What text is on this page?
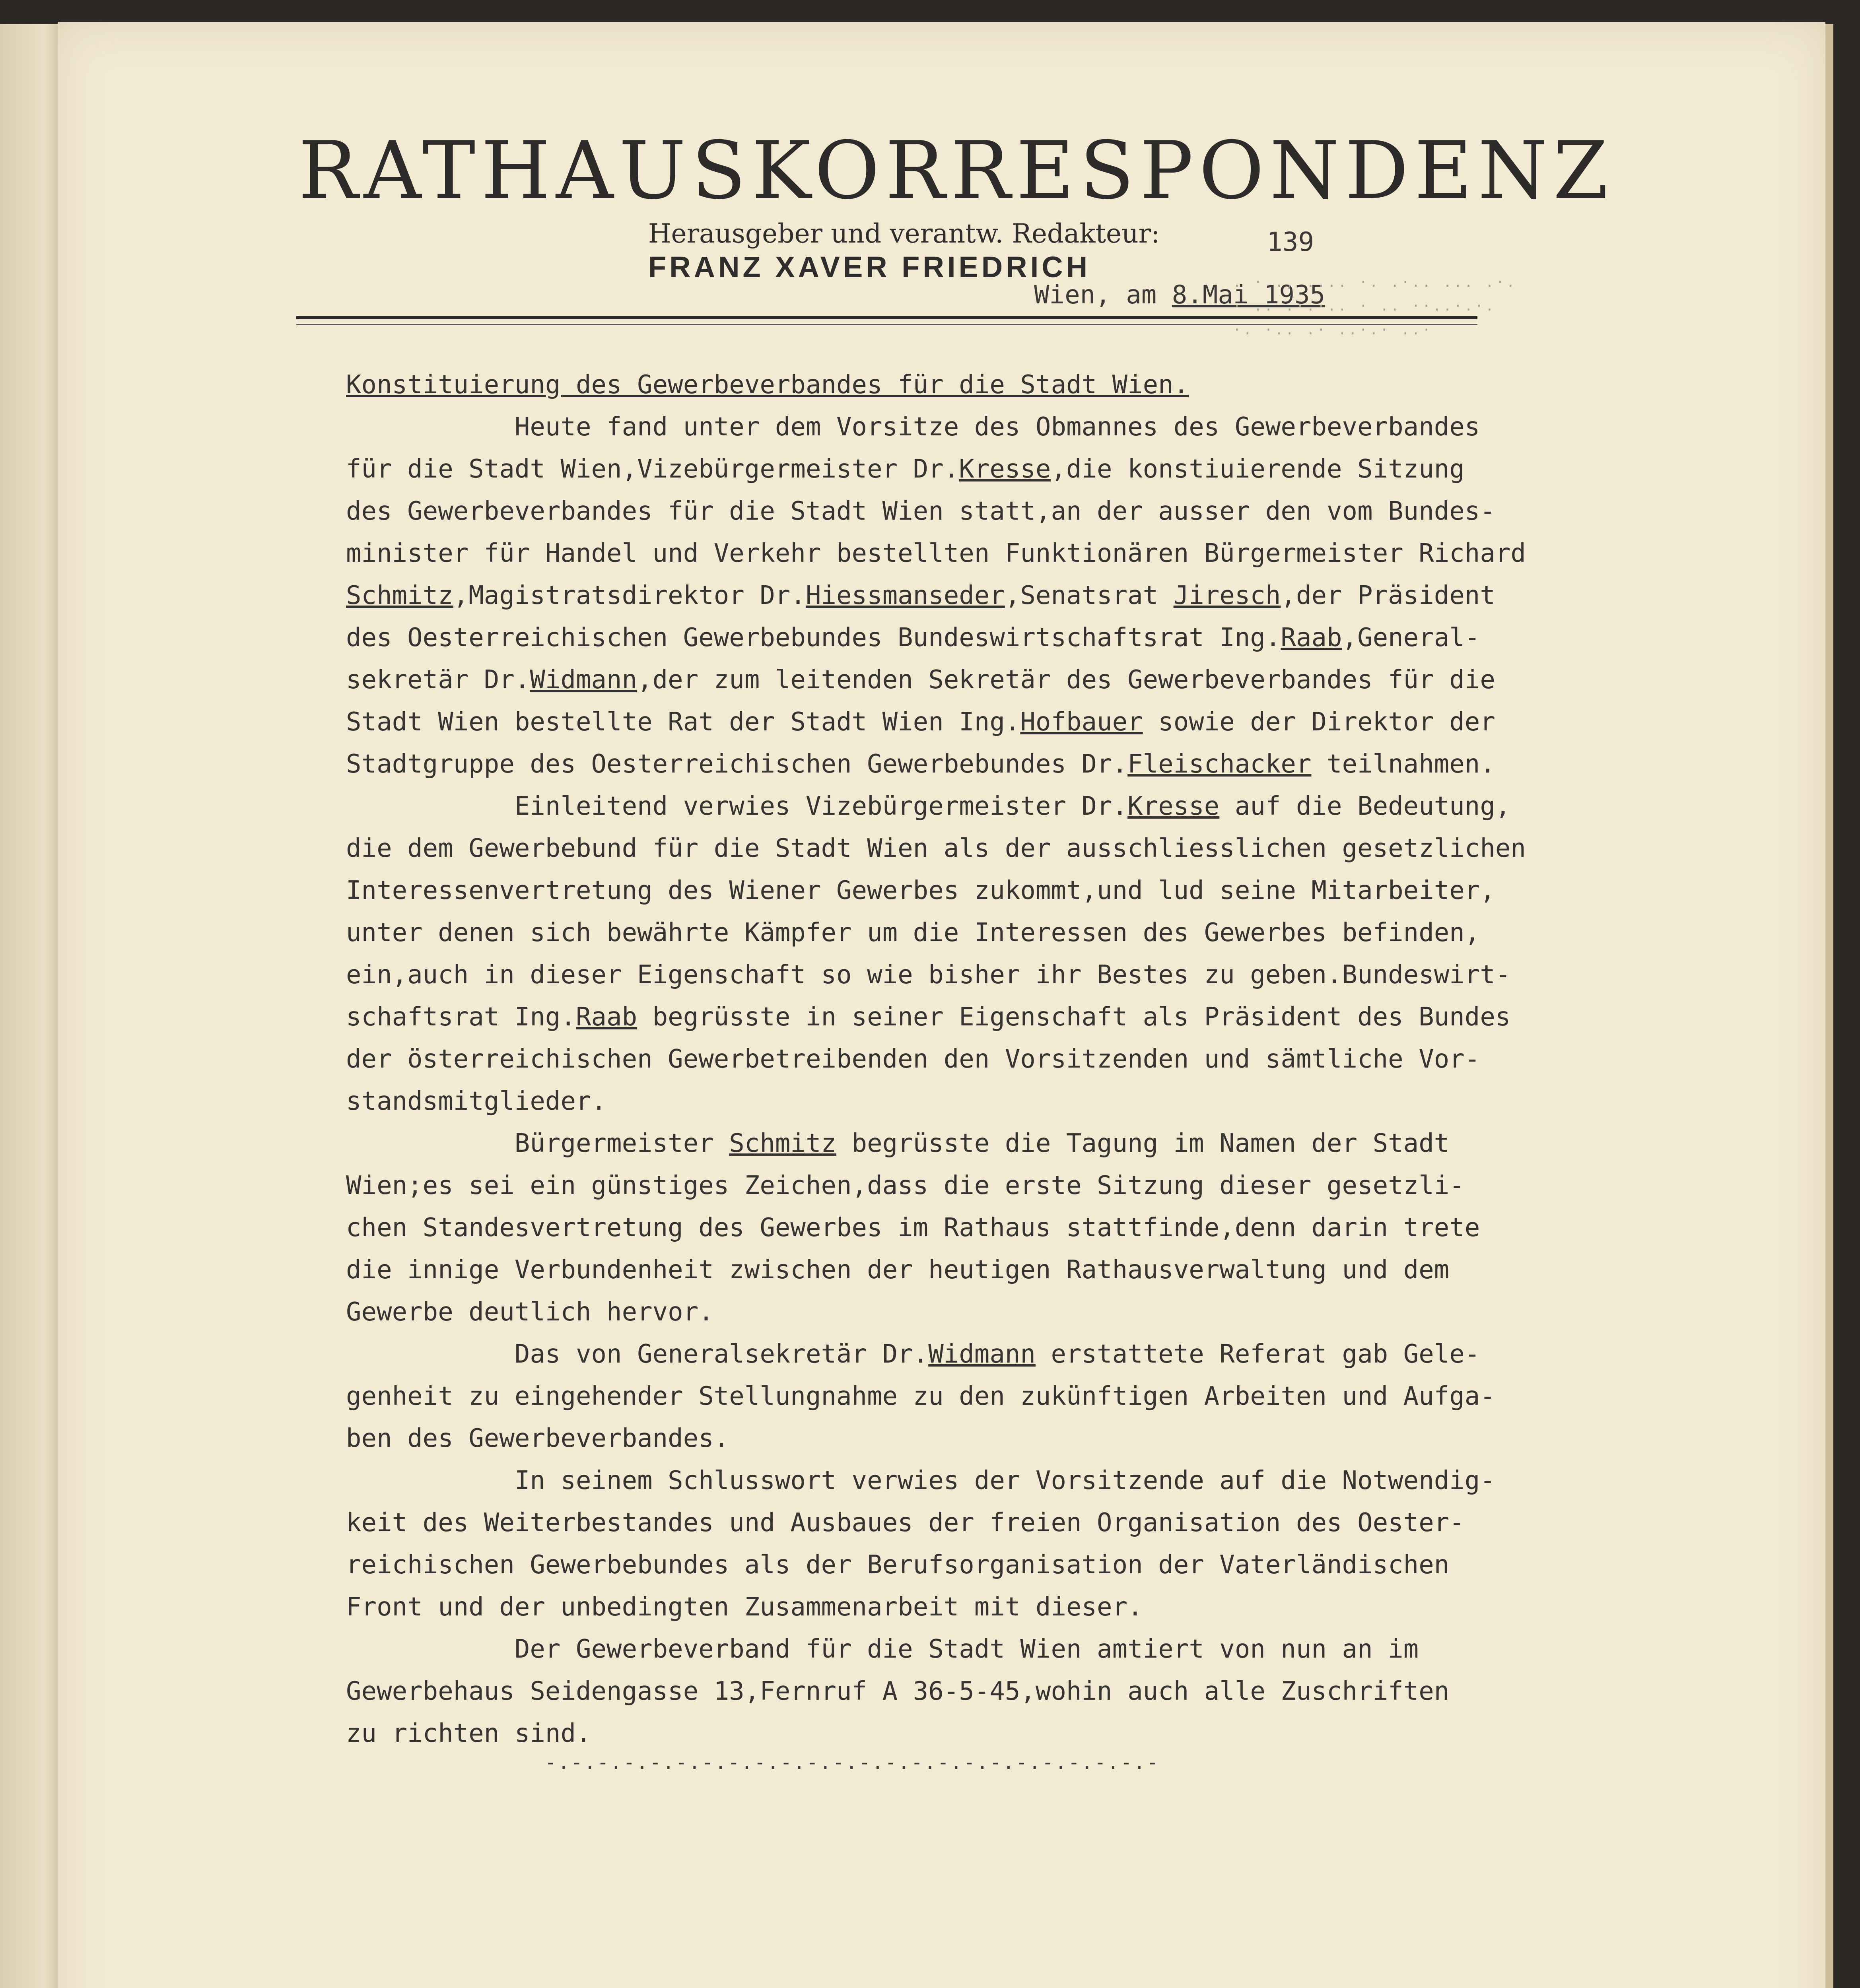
RATHAUSKORRESPONDENZ
Herausgeber und verantw. Redakteur:
FRANZ XAVER FRIEDRICH
139
Wien, am 8.Mai 1935
. · ., .... ·. .·.. ... .·.
· .. .·.·.. · .. ··..·.·.
·. ·.. .· ..·.· ..·

Konstituierung des Gewerbeverbandes für die Stadt Wien.

Heute fand unter dem Vorsitze des Obmannes des Gewerbeverbandes
für die Stadt Wien,Vizebürgermeister Dr.Kresse,die konstiuierende Sitzung
des Gewerbeverbandes für die Stadt Wien statt,an der ausser den vom Bundes-
minister für Handel und Verkehr bestellten Funktionären Bürgermeister Richard
Schmitz,Magistratsdirektor Dr.Hiessmanseder,Senatsrat Jiresch,der Präsident
des Oesterreichischen Gewerbebundes Bundeswirtschaftsrat Ing.Raab,General-
sekretär Dr.Widmann,der zum leitenden Sekretär des Gewerbeverbandes für die
Stadt Wien bestellte Rat der Stadt Wien Ing.Hofbauer sowie der Direktor der
Stadtgruppe des Oesterreichischen Gewerbebundes Dr.Fleischacker teilnahmen.

Einleitend verwies Vizebürgermeister Dr.Kresse auf die Bedeutung,
die dem Gewerbebund für die Stadt Wien als der ausschliesslichen gesetzlichen
Interessenvertretung des Wiener Gewerbes zukommt,und lud seine Mitarbeiter,
unter denen sich bewährte Kämpfer um die Interessen des Gewerbes befinden,
ein,auch in dieser Eigenschaft so wie bisher ihr Bestes zu geben.Bundeswirt-
schaftsrat Ing.Raab begrüsste in seiner Eigenschaft als Präsident des Bundes
der österreichischen Gewerbetreibenden den Vorsitzenden und sämtliche Vor-
standsmitglieder.

Bürgermeister Schmitz begrüsste die Tagung im Namen der Stadt
Wien;es sei ein günstiges Zeichen,dass die erste Sitzung dieser gesetzli-
chen Standesvertretung des Gewerbes im Rathaus stattfinde,denn darin trete
die innige Verbundenheit zwischen der heutigen Rathausverwaltung und dem
Gewerbe deutlich hervor.

Das von Generalsekretär Dr.Widmann erstattete Referat gab Gele-
genheit zu eingehender Stellungnahme zu den zukünftigen Arbeiten und Aufga-
ben des Gewerbeverbandes.

In seinem Schlusswort verwies der Vorsitzende auf die Notwendig-
keit des Weiterbestandes und Ausbaues der freien Organisation des Oester-
reichischen Gewerbebundes als der Berufsorganisation der Vaterländischen
Front und der unbedingten Zusammenarbeit mit dieser.

Der Gewerbeverband für die Stadt Wien amtiert von nun an im
Gewerbehaus Seidengasse 13,Fernruf A 36-5-45,wohin auch alle Zuschriften
zu richten sind.

-.-.-.-.-.-.-.-.-.-.-.-.-.-.-.-.-.-.-.-.-.-.-.-
